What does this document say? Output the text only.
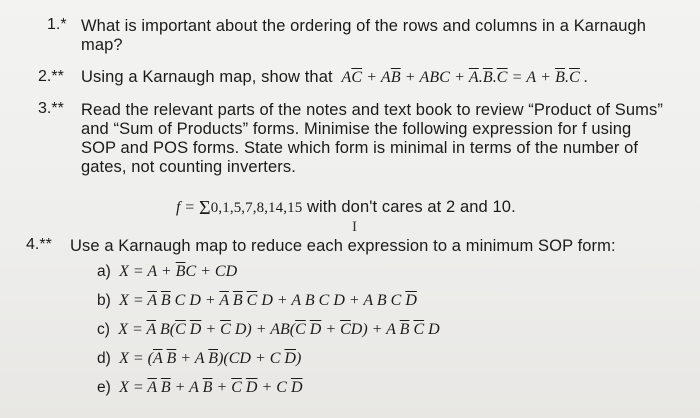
1.* What is important about the ordering of the rows and columns in a Karnaugh
map?
2.** Using a Karnaugh map, show that  $A\overline{C} + A\overline{B}$ + ABC + $\overline{A}.\overline{B}.\overline{C} = A + \overline{B}.\overline{C}$ .
3.** Read the relevant parts of the notes and text book to review “Product of Sums”
and “Sum of Products” forms. Minimise the following expression for f using
SOP and POS forms. State which form is minimal in terms of the number of
gates, not counting inverters.
f = Σ0,1,5,7,8,14,15 with don't cares at 2 and 10.
I
4.** Use a Karnaugh map to reduce each expression to a minimum SOP form:
a)  $X = A + \overline{B}C$ + CD
b)  $X = \overline{A}$ $\overline{B}$ C $D + \overline{A}$ $\overline{B}$ $\overline{C}$ D + A B C D + A B C $\overline{D}$
c)  $X = \overline{A}$ $B(\overline{C}$ $\overline{D} + \overline{C}$ $D) + AB(\overline{C}$ $\overline{D} + \overline{C}D) + A$ $\overline{B}$ $\overline{C}$ D
d)  $X = (\overline{A}$ $\overline{B} + A$ $\overline{B})(CD + C$ $\overline{D}$)
e)  $X = \overline{A}$ $\overline{B} + A$ $\overline{B} + \overline{C}$ $\overline{D} + C$ $\overline{D}$
